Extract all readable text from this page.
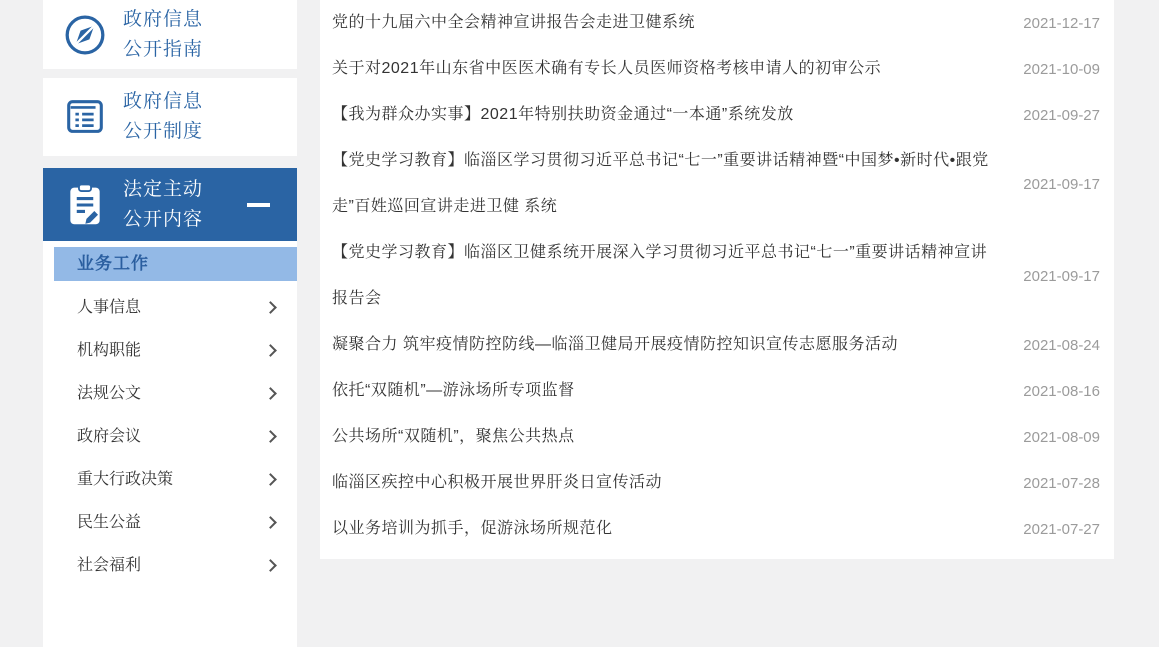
政府信息
公开指南
政府信息
公开制度
法定主动
公开内容
业务工作
人事信息
机构职能
法规公文
政府会议
重大行政决策
民生公益
社会福利
党的十九届六中全会精神宣讲报告会走进卫健系统	2021-12-17
关于对2021年山东省中医医术确有专长人员医师资格考核申请人的初审公示	2021-10-09
【我为群众办实事】2021年特别扶助资金通过“一本通”系统发放	2021-09-27
【党史学习教育】临淄区学习贯彻习近平总书记“七一”重要讲话精神暨“中国梦•新时代•跟党走”百姓巡回宣讲走进卫健 系统
2021-09-17
【党史学习教育】临淄区卫健系统开展深入学习贯彻习近平总书记“七一”重要讲话精神宣讲报告会
2021-09-17
凝聚合力 筑牢疫情防控防线—临淄卫健局开展疫情防控知识宣传志愿服务活动	2021-08-24
依托“双随机”—游泳场所专项监督	2021-08-16
公共场所“双随机”，聚焦公共热点	2021-08-09
临淄区疾控中心积极开展世界肝炎日宣传活动	2021-07-28
以业务培训为抓手，促游泳场所规范化	2021-07-27
